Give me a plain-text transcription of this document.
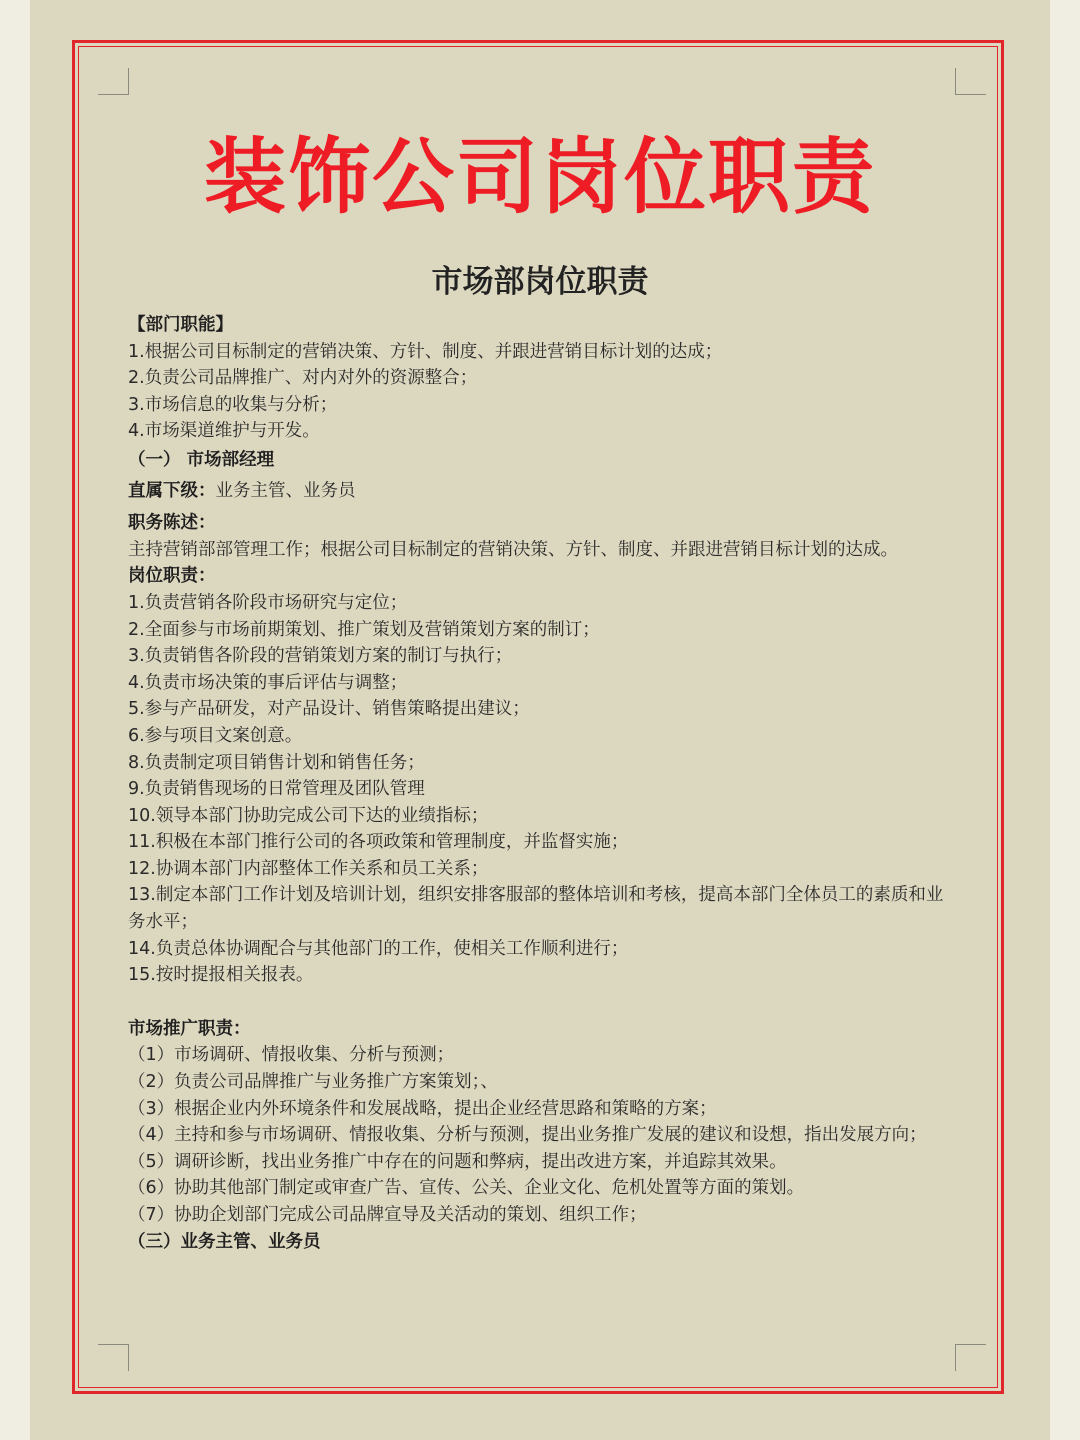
装饰公司岗位职责
市场部岗位职责
【部门职能】
1.根据公司目标制定的营销决策、方针、制度、并跟进营销目标计划的达成；
2.负责公司品牌推广、对内对外的资源整合；
3.市场信息的收集与分析；
4.市场渠道维护与开发。
（一） 市场部经理
直属下级：业务主管、业务员
职务陈述：
主持营销部部管理工作；根据公司目标制定的营销决策、方针、制度、并跟进营销目标计划的达成。
岗位职责：
1.负责营销各阶段市场研究与定位；
2.全面参与市场前期策划、推广策划及营销策划方案的制订；
3.负责销售各阶段的营销策划方案的制订与执行；
4.负责市场决策的事后评估与调整；
5.参与产品研发，对产品设计、销售策略提出建议；
6.参与项目文案创意。
8.负责制定项目销售计划和销售任务；
9.负责销售现场的日常管理及团队管理
10.领导本部门协助完成公司下达的业绩指标；
11.积极在本部门推行公司的各项政策和管理制度，并监督实施；
12.协调本部门内部整体工作关系和员工关系；
13.制定本部门工作计划及培训计划，组织安排客服部的整体培训和考核，提高本部门全体员工的素质和业务水平；
14.负责总体协调配合与其他部门的工作，使相关工作顺利进行；
15.按时提报相关报表。
市场推广职责：
（1）市场调研、情报收集、分析与预测；
（2）负责公司品牌推广与业务推广方案策划；、
（3）根据企业内外环境条件和发展战略，提出企业经营思路和策略的方案；
（4）主持和参与市场调研、情报收集、分析与预测，提出业务推广发展的建议和设想，指出发展方向；
（5）调研诊断，找出业务推广中存在的问题和弊病，提出改进方案，并追踪其效果。
（6）协助其他部门制定或审查广告、宣传、公关、企业文化、危机处置等方面的策划。
（7）协助企划部门完成公司品牌宣导及关活动的策划、组织工作；
（三）业务主管、业务员
